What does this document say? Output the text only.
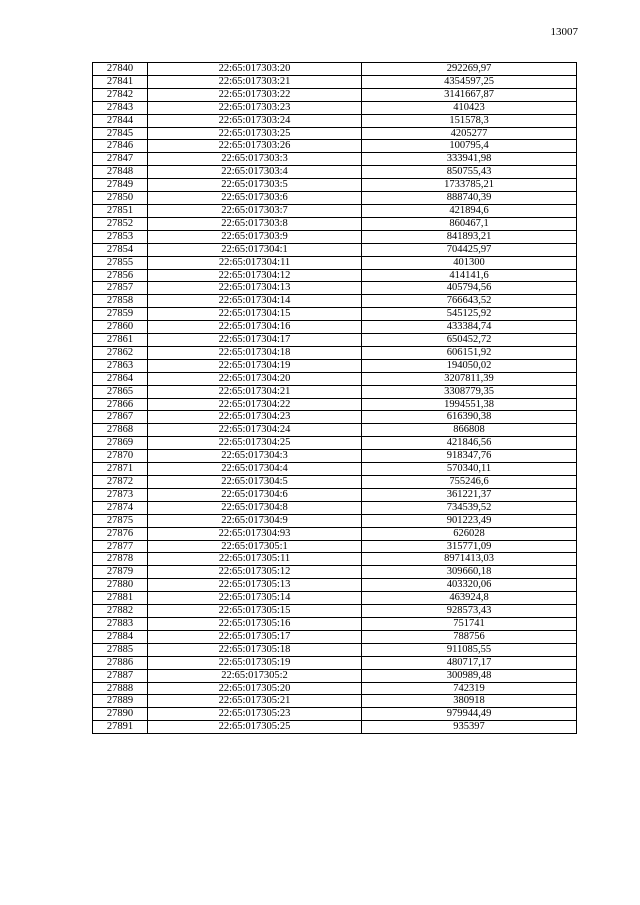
13007
27840	22:65:017303:20	292269,97
27841	22:65:017303:21	4354597,25
27842	22:65:017303:22	3141667,87
27843	22:65:017303:23	410423
27844	22:65:017303:24	151578,3
27845	22:65:017303:25	4205277
27846	22:65:017303:26	100795,4
27847	22:65:017303:3	333941,98
27848	22:65:017303:4	850755,43
27849	22:65:017303:5	1733785,21
27850	22:65:017303:6	888740,39
27851	22:65:017303:7	421894,6
27852	22:65:017303:8	860467,1
27853	22:65:017303:9	841893,21
27854	22:65:017304:1	704425,97
27855	22:65:017304:11	401300
27856	22:65:017304:12	414141,6
27857	22:65:017304:13	405794,56
27858	22:65:017304:14	766643,52
27859	22:65:017304:15	545125,92
27860	22:65:017304:16	433384,74
27861	22:65:017304:17	650452,72
27862	22:65:017304:18	606151,92
27863	22:65:017304:19	194050,02
27864	22:65:017304:20	3207811,39
27865	22:65:017304:21	3308779,35
27866	22:65:017304:22	1994551,38
27867	22:65:017304:23	616390,38
27868	22:65:017304:24	866808
27869	22:65:017304:25	421846,56
27870	22:65:017304:3	918347,76
27871	22:65:017304:4	570340,11
27872	22:65:017304:5	755246,6
27873	22:65:017304:6	361221,37
27874	22:65:017304:8	734539,52
27875	22:65:017304:9	901223,49
27876	22:65:017304:93	626028
27877	22:65:017305:1	315771,09
27878	22:65:017305:11	8971413,03
27879	22:65:017305:12	309660,18
27880	22:65:017305:13	403320,06
27881	22:65:017305:14	463924,8
27882	22:65:017305:15	928573,43
27883	22:65:017305:16	751741
27884	22:65:017305:17	788756
27885	22:65:017305:18	911085,55
27886	22:65:017305:19	480717,17
27887	22:65:017305:2	300989,48
27888	22:65:017305:20	742319
27889	22:65:017305:21	380918
27890	22:65:017305:23	979944,49
27891	22:65:017305:25	935397
